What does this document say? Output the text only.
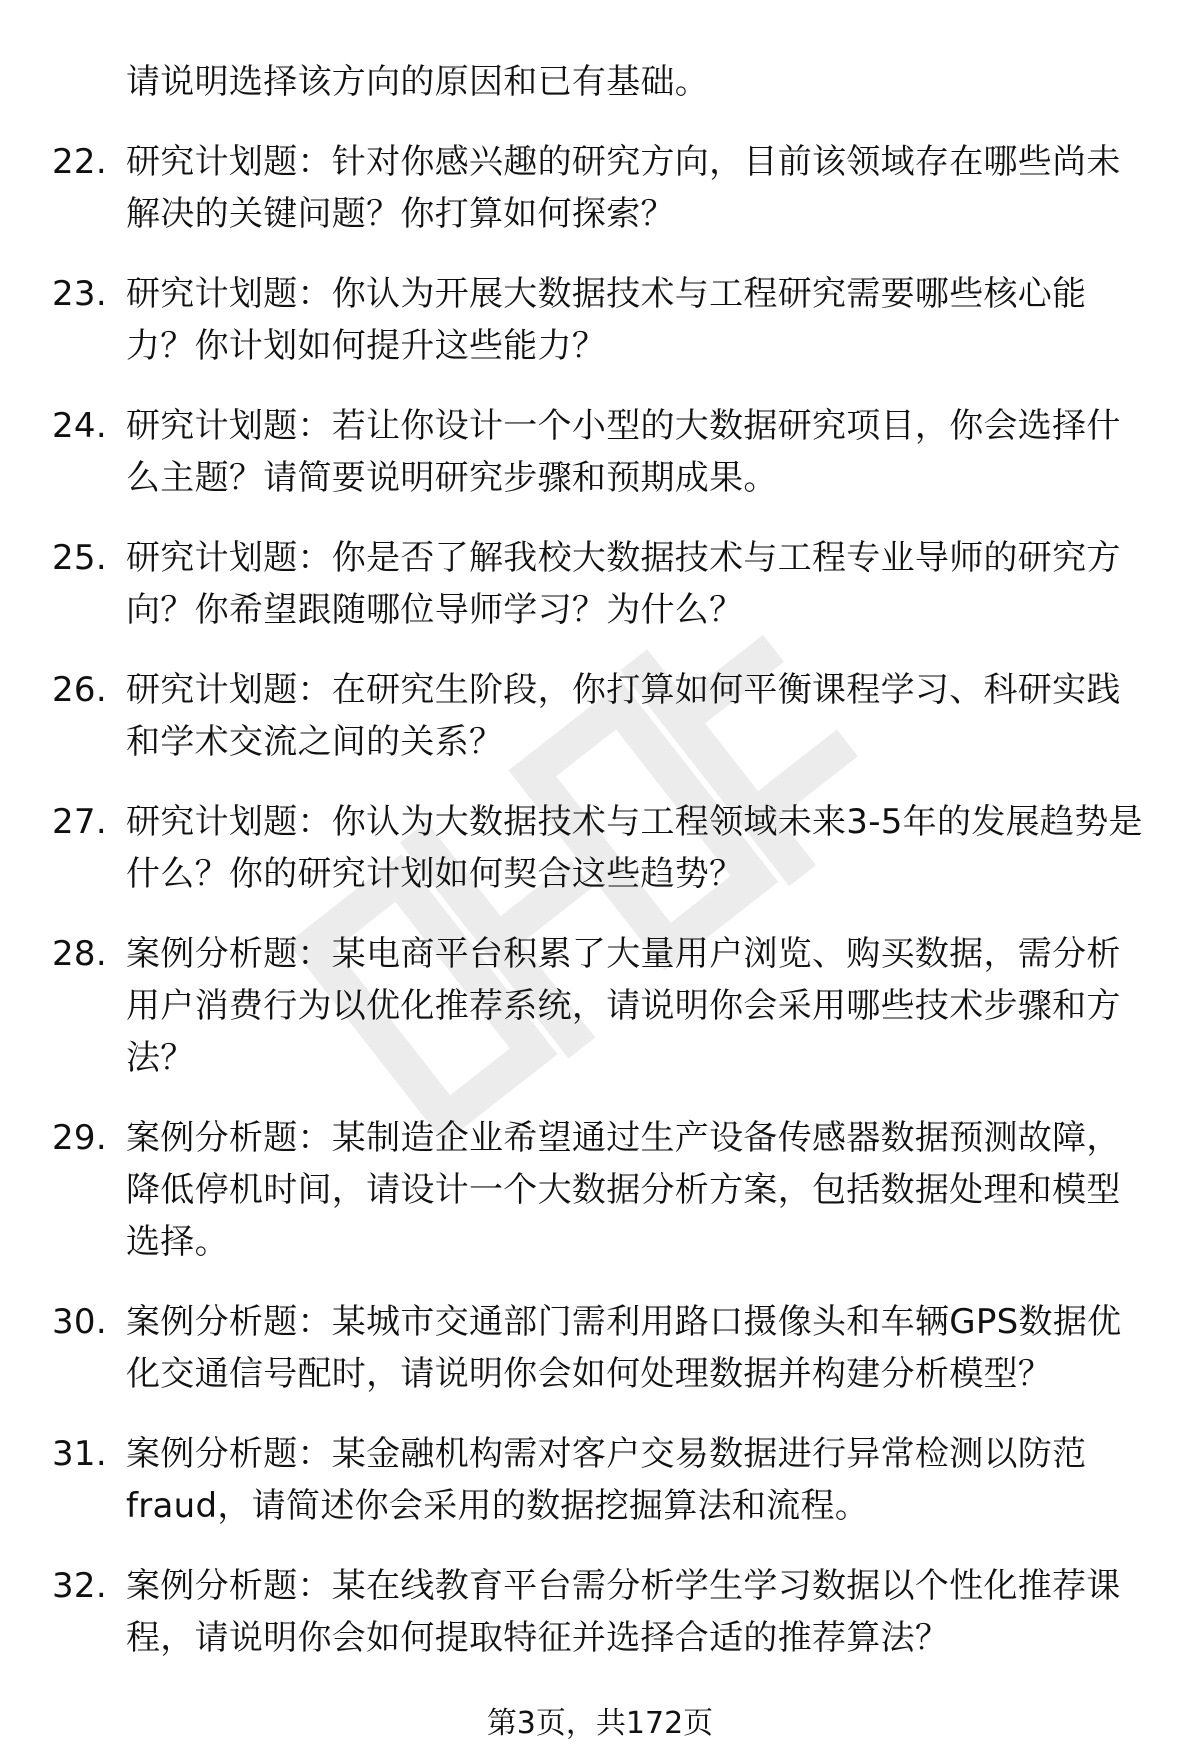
请说明选择该方向的原因和已有基础。
22. 研究计划题：针对你感兴趣的研究方向，目前该领域存在哪些尚未解决的关键问题？你打算如何探索？
23. 研究计划题：你认为开展大数据技术与工程研究需要哪些核心能力？你计划如何提升这些能力？
24. 研究计划题：若让你设计一个小型的大数据研究项目，你会选择什么主题？请简要说明研究步骤和预期成果。
25. 研究计划题：你是否了解我校大数据技术与工程专业导师的研究方向？你希望跟随哪位导师学习？为什么？
26. 研究计划题：在研究生阶段，你打算如何平衡课程学习、科研实践和学术交流之间的关系？
27. 研究计划题：你认为大数据技术与工程领域未来3-5年的发展趋势是什么？你的研究计划如何契合这些趋势？
28. 案例分析题：某电商平台积累了大量用户浏览、购买数据，需分析用户消费行为以优化推荐系统，请说明你会采用哪些技术步骤和方法？
29. 案例分析题：某制造企业希望通过生产设备传感器数据预测故障，降低停机时间，请设计一个大数据分析方案，包括数据处理和模型选择。
30. 案例分析题：某城市交通部门需利用路口摄像头和车辆GPS数据优化交通信号配时，请说明你会如何处理数据并构建分析模型？
31. 案例分析题：某金融机构需对客户交易数据进行异常检测以防范fraud，请简述你会采用的数据挖掘算法和流程。
32. 案例分析题：某在线教育平台需分析学生学习数据以个性化推荐课程，请说明你会如何提取特征并选择合适的推荐算法？
第3页，共172页
